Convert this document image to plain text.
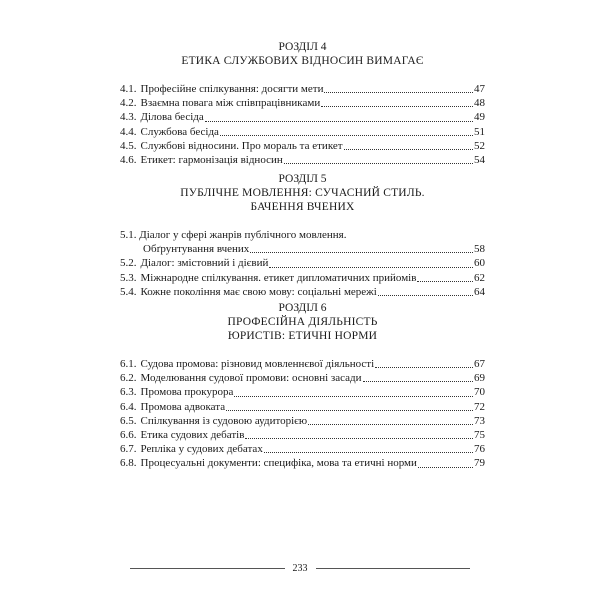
РОЗДІЛ 4
ЕТИКА СЛУЖБОВИХ ВІДНОСИН ВИМАГАЄ
4.1. Професійне спілкування: досягти мети	47
4.2. Взаємна повага між співпрацівниками	48
4.3. Ділова бесіда	49
4.4. Службова бесіда	51
4.5. Службові відносини. Про мораль та етикет	52
4.6. Етикет: гармонізація відносин	54
РОЗДІЛ 5
ПУБЛІЧНЕ МОВЛЕННЯ: СУЧАСНИЙ СТИЛЬ.
БАЧЕННЯ ВЧЕНИХ
5.1. Діалог у сфері жанрів публічного мовлення.
Обґрунтування вчених	58
5.2. Діалог: змістовний і дієвий	60
5.3. Міжнародне спілкування. етикет дипломатичних прийомів	62
5.4. Кожне покоління має свою мову: соціальні мережі	64
РОЗДІЛ 6
ПРОФЕСІЙНА ДІЯЛЬНІСТЬ
ЮРИСТІВ: ЕТИЧНІ НОРМИ
6.1. Судова промова: різновид мовленнєвої діяльності	67
6.2. Моделювання судової промови: основні засади	69
6.3. Промова прокурора	70
6.4. Промова адвоката	72
6.5. Спілкування із судовою аудиторією	73
6.6. Етика судових дебатів	75
6.7. Репліка у судових дебатах	76
6.8. Процесуальні документи: специфіка, мова та етичні норми	79
233
